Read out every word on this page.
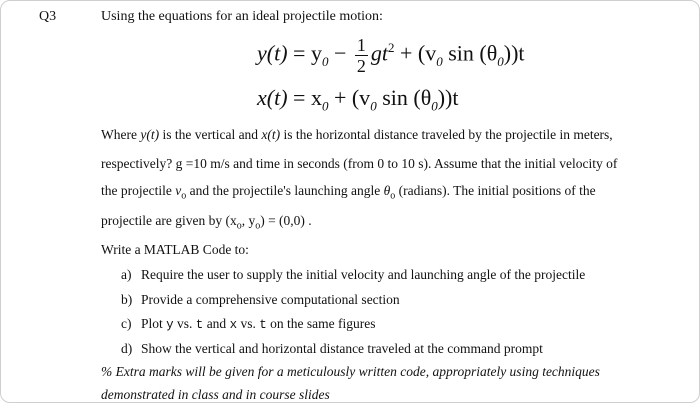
Q3	Using the equations for an ideal projectile motion:
$y(t) = y_0 - \frac{1}{2} gt^2 + (v_0$ $\sin (\theta_0))t$
$x(t) = x_0 + (v_0$ $\sin (\theta_0))t$
Where y(t) is the vertical and x(t) is the horizontal distance traveled by the projectile in meters,
respectively? g =10 m/s and time in seconds (from 0 to 10 s). Assume that the initial velocity of
the projectile $v_o$ and the projectile's launching angle $\theta_o$ (radians). The initial positions of the
projectile are given by ($x_o$, $y_o) = (0,0)$ .
Write a MATLAB Code to:
a) Require the user to supply the initial velocity and launching angle of the projectile
b) Provide a comprehensive computational section
c) Plot y vs. t and x vs. t on the same figures
d) Show the vertical and horizontal distance traveled at the command prompt
% Extra marks will be given for a meticulously written code, appropriately using techniques
demonstrated in class and in course slides
